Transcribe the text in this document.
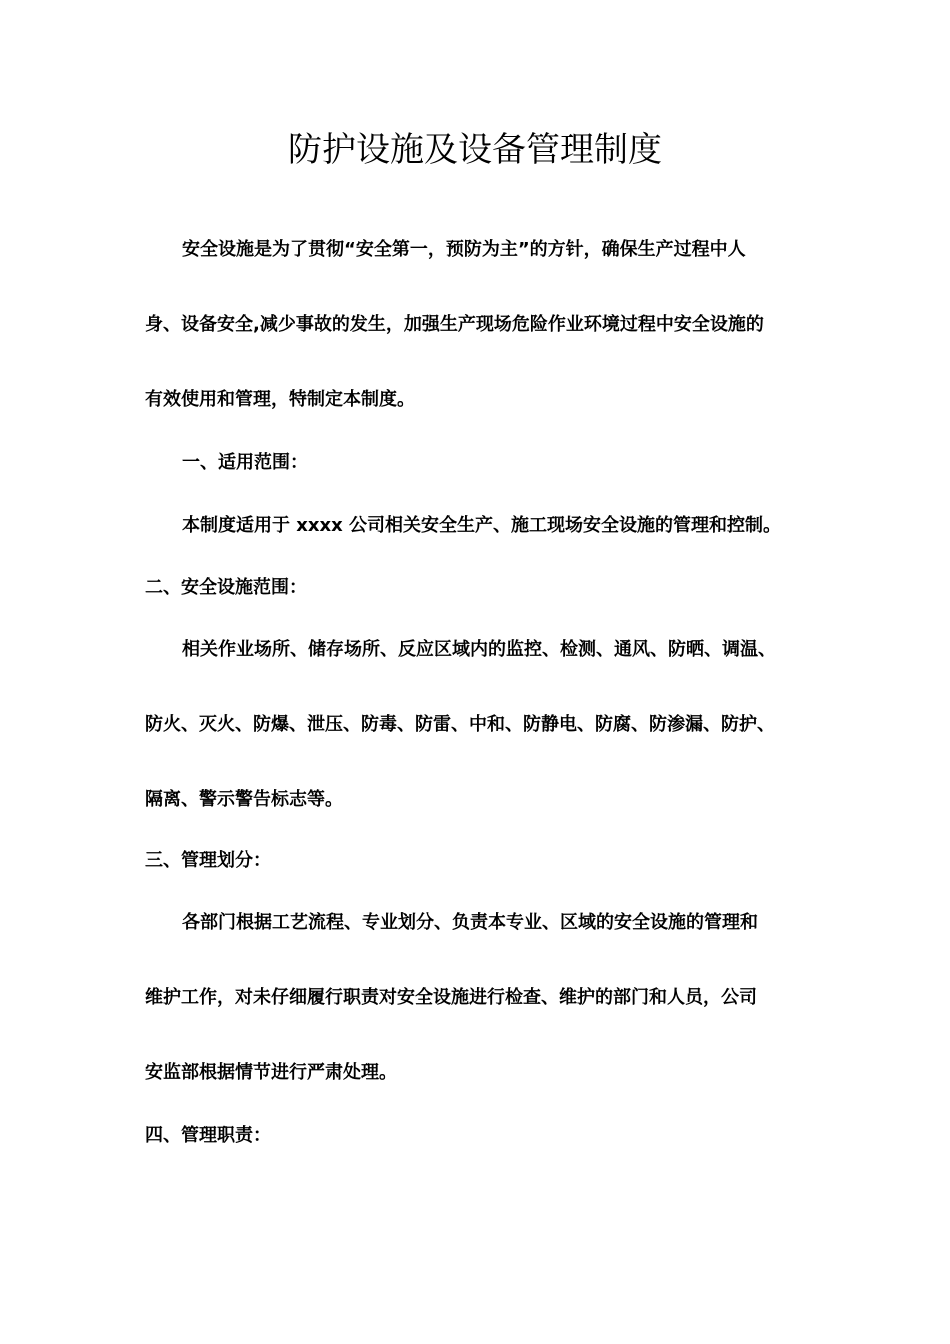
防护设施及设备管理制度
安全设施是为了贯彻“安全第一，预防为主”的方针，确保生产过程中人
身、设备安全,减少事故的发生，加强生产现场危险作业环境过程中安全设施的
有效使用和管理，特制定本制度。
一、适用范围：
本制度适用于 xxxx 公司相关安全生产、施工现场安全设施的管理和控制。
二、安全设施范围：
相关作业场所、储存场所、反应区域内的监控、检测、通风、防晒、调温、
防火、灭火、防爆、泄压、防毒、防雷、中和、防静电、防腐、防渗漏、防护、
隔离、警示警告标志等。
三、管理划分：
各部门根据工艺流程、专业划分、负责本专业、区域的安全设施的管理和
维护工作，对未仔细履行职责对安全设施进行检查、维护的部门和人员，公司
安监部根据情节进行严肃处理。
四、管理职责：
